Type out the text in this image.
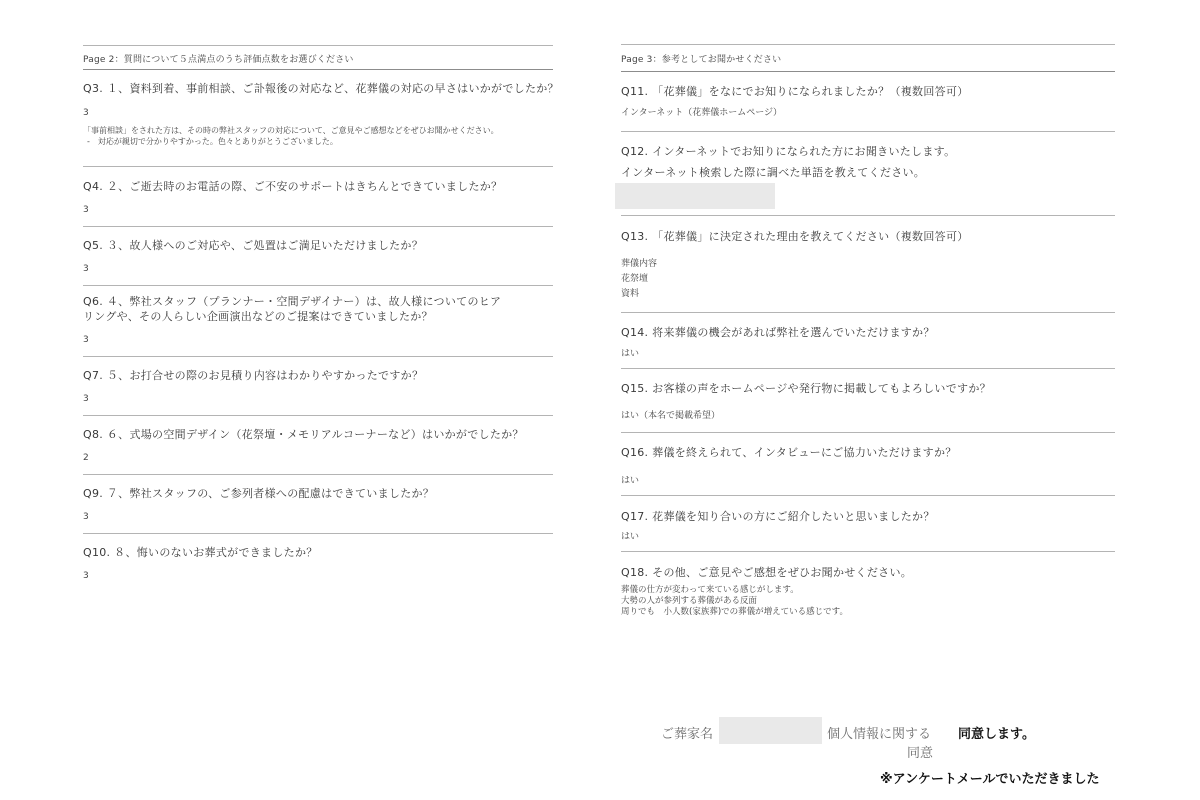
Page 2：質問について５点満点のうち評価点数をお選びください
Q3. １、資料到着、事前相談、ご訃報後の対応など、花葬儀の対応の早さはいかがでしたか？
3
「事前相談」をされた方は、その時の弊社スタッフの対応について、ご意見やご感想などをぜひお聞かせください。
-　対応が親切で分かりやすかった。色々とありがとうございました。
Q4. ２、ご逝去時のお電話の際、ご不安のサポートはきちんとできていましたか？
3
Q5. ３、故人様へのご対応や、ご処置はご満足いただけましたか？
3
Q6. ４、弊社スタッフ（プランナー・空間デザイナー）は、故人様についてのヒアリングや、その人らしい企画演出などのご提案はできていましたか？
3
Q7. ５、お打合せの際のお見積り内容はわかりやすかったですか？
3
Q8. ６、式場の空間デザイン（花祭壇・メモリアルコーナーなど）はいかがでしたか？
2
Q9. ７、弊社スタッフの、ご参列者様への配慮はできていましたか？
3
Q10. ８、悔いのないお葬式ができましたか？
3
Page 3：参考としてお聞かせください
Q11. 「花葬儀」をなにでお知りになられましたか？（複数回答可）
インターネット（花葬儀ホームページ）
Q12. インターネットでお知りになられた方にお聞きいたします。
インターネット検索した際に調べた単語を教えてください。
Q13. 「花葬儀」に決定された理由を教えてください（複数回答可）
葬儀内容
花祭壇
資料
Q14. 将来葬儀の機会があれば弊社を選んでいただけますか？
はい
Q15. お客様の声をホームページや発行物に掲載してもよろしいですか？
はい（本名で掲載希望）
Q16. 葬儀を終えられて、インタビューにご協力いただけますか？
はい
Q17. 花葬儀を知り合いの方にご紹介したいと思いましたか？
はい
Q18. その他、ご意見やご感想をぜひお聞かせください。
葬儀の仕方が変わって来ている感じがします。
大勢の人が参列する葬儀がある反面
周りでも　小人数(家族葬)での葬儀が増えている感じです。
ご葬家名	個人情報に関する
同意
同意します。
※アンケートメールでいただきました
